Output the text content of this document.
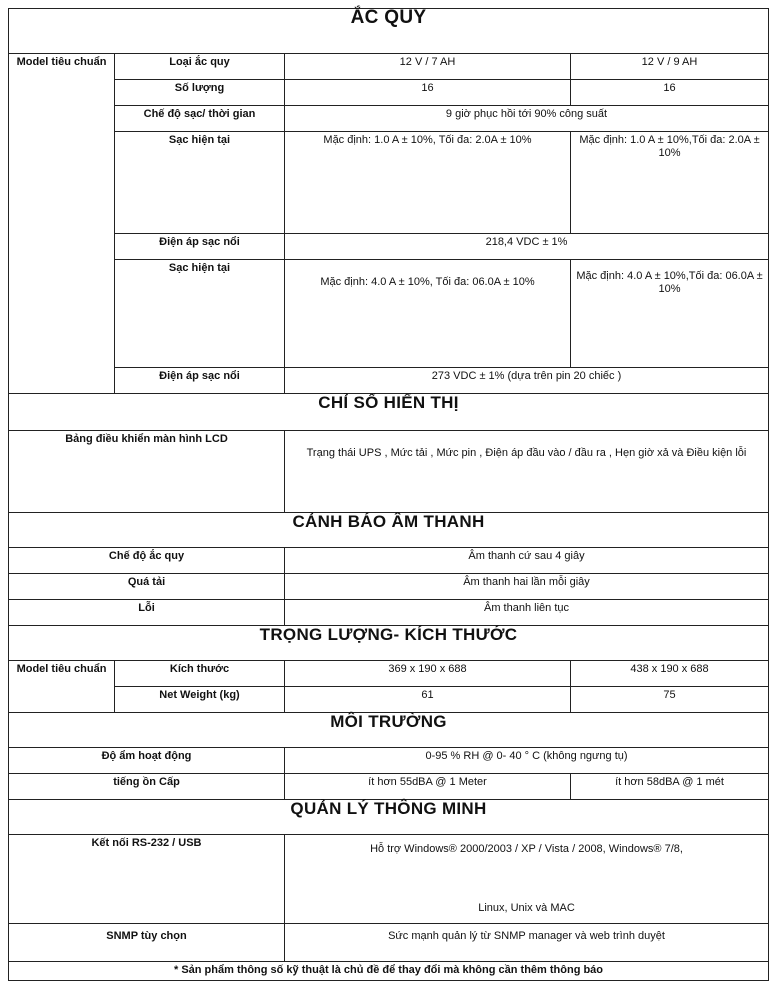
ẮC QUY			
Model tiêu chuẩn	Loại ắc quy	12 V / 7 AH	12 V / 9 AH
	Số lượng	16	16
	Chế độ sạc/ thời gian	9 giờ phục hồi tới 90% công suất	
	Sạc hiện tại	Mặc định: 1.0 A ± 10%, Tối đa: 2.0A ± 10%	Mặc định: 1.0 A ± 10%,Tối đa: 2.0A ± 10%
	Điện áp sạc nổi	218,4 VDC ± 1%	
	Sạc hiện tại	Mặc định: 4.0 A ± 10%, Tối đa: 06.0A ± 10%	Mặc định: 4.0 A ± 10%,Tối đa: 06.0A ± 10%
	Điện áp sạc nổi	273 VDC ± 1% (dựa trên pin 20 chiếc )	
CHỈ SỐ HIỂN THỊ			
Bảng điều khiển màn hình LCD		Trạng thái UPS , Mức tải , Mức pin , Điện áp đầu vào / đầu ra , Hẹn giờ xả và Điều kiện lỗi	
CẢNH BÁO ÂM THANH			
Chế độ ắc quy		Âm thanh cứ sau 4 giây	
Quá tải		Âm thanh hai lần mỗi giây	
Lỗi		Âm thanh liên tục	
TRỌNG LƯỢNG- KÍCH THƯỚC			
Model tiêu chuẩn	Kích thước	369 x 190 x 688	438 x 190 x 688
	Net Weight (kg)	61	75
MÔI TRƯỜNG			
Độ ẩm hoạt động		0-95 % RH @ 0- 40 ° C (không ngưng tụ)	
tiếng ồn Cấp		ít hơn 55dBA @ 1 Meter	ít hơn 58dBA @ 1 mét
QUẢN LÝ THÔNG MINH			
Kết nối RS-232 / USB		Hỗ trợ Windows® 2000/2003 / XP / Vista / 2008, Windows® 7/8,
Linux, Unix và MAC	

SNMP tùy chọn		Sức mạnh quản lý từ SNMP manager và web trình duyệt	
* Sản phẩm thông số kỹ thuật là chủ đề để thay đổi mà không cần thêm thông báo			
